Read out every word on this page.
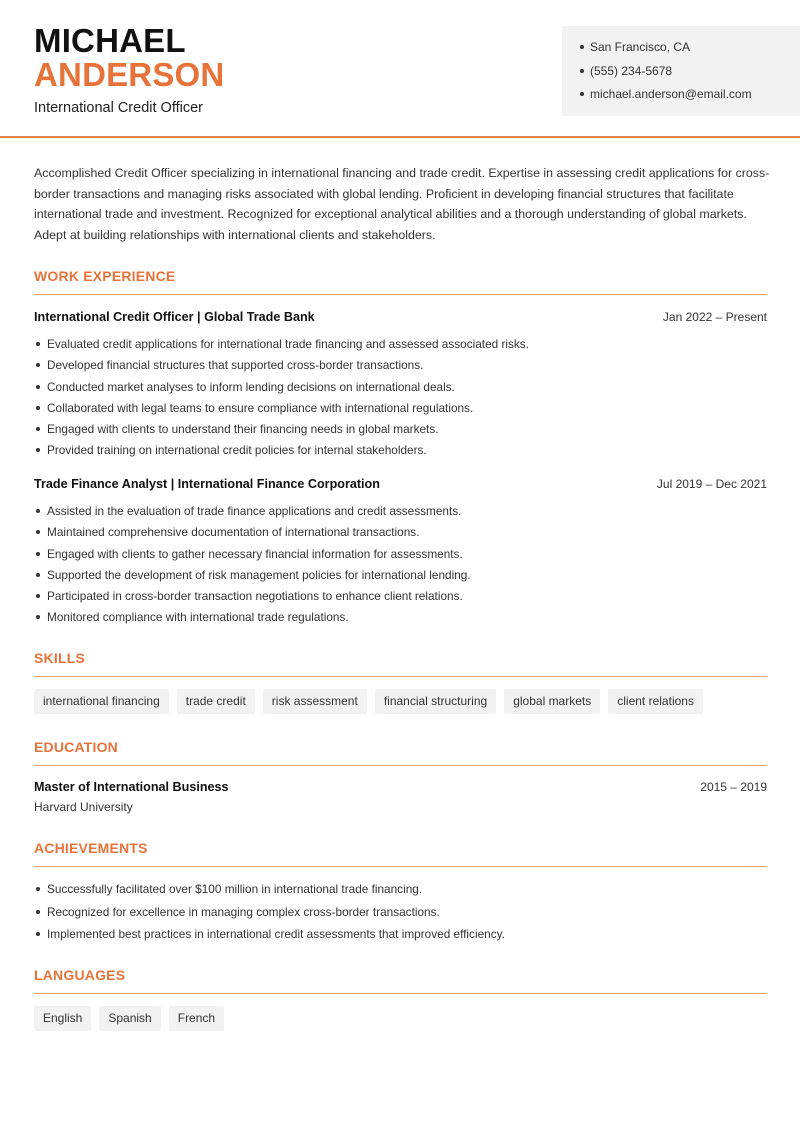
MICHAEL
ANDERSON
International Credit Officer
San Francisco, CA
(555) 234-5678
michael.anderson@email.com

Accomplished Credit Officer specializing in international financing and trade credit. Expertise in assessing credit applications for cross-border transactions and managing risks associated with global lending. Proficient in developing financial structures that facilitate international trade and investment. Recognized for exceptional analytical abilities and a thorough understanding of global markets. Adept at building relationships with international clients and stakeholders.

WORK EXPERIENCE
International Credit Officer | Global Trade Bank	Jan 2022 – Present
Evaluated credit applications for international trade financing and assessed associated risks.
Developed financial structures that supported cross-border transactions.
Conducted market analyses to inform lending decisions on international deals.
Collaborated with legal teams to ensure compliance with international regulations.
Engaged with clients to understand their financing needs in global markets.
Provided training on international credit policies for internal stakeholders.
Trade Finance Analyst | International Finance Corporation	Jul 2019 – Dec 2021
Assisted in the evaluation of trade finance applications and credit assessments.
Maintained comprehensive documentation of international transactions.
Engaged with clients to gather necessary financial information for assessments.
Supported the development of risk management policies for international lending.
Participated in cross-border transaction negotiations to enhance client relations.
Monitored compliance with international trade regulations.
SKILLS
international financing	trade credit	risk assessment	financial structuring	global markets	client relations
EDUCATION
Master of International Business
Harvard University
2015 – 2019
ACHIEVEMENTS
Successfully facilitated over $100 million in international trade financing.
Recognized for excellence in managing complex cross-border transactions.
Implemented best practices in international credit assessments that improved efficiency.
LANGUAGES
English	Spanish	French
